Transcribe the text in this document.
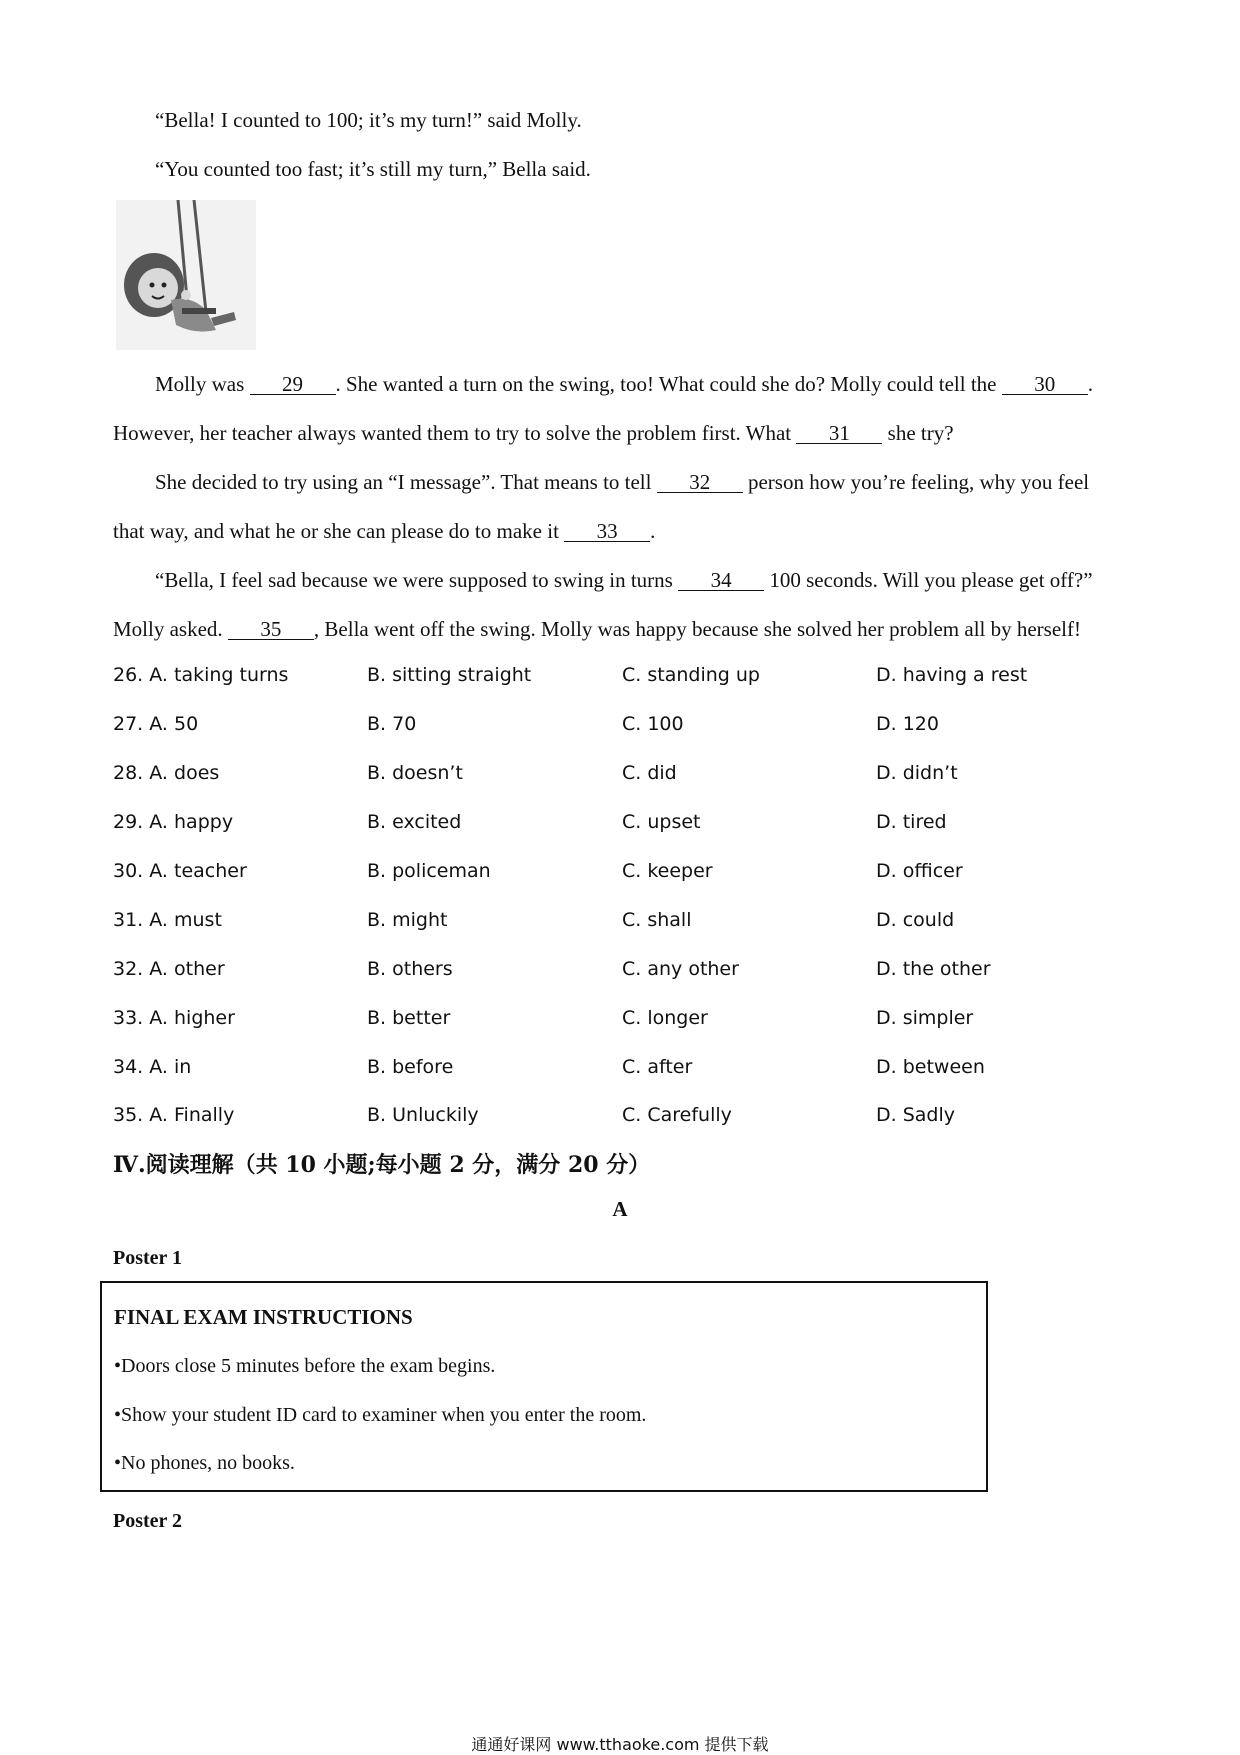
“Bella! I counted to 100; it’s my turn!” said Molly.
“You counted too fast; it’s still my turn,” Bella said.
Molly was 29 . She wanted a turn on the swing, too! What could she do? Molly could tell the 30 .
However, her teacher always wanted them to try to solve the problem first. What 31 she try?
She decided to try using an “I message”. That means to tell 32 person how you’re feeling, why you feel
that way, and what he or she can please do to make it 33 .
“Bella, I feel sad because we were supposed to swing in turns 34 100 seconds. Will you please get off?”
Molly asked. 35 , Bella went off the swing. Molly was happy because she solved her problem all by herself!
26. A. taking turns	B. sitting straight	C. standing up	D. having a rest
27. A. 50	B. 70	C. 100	D. 120
28. A. does	B. doesn’t	C. did	D. didn’t
29. A. happy	B. excited	C. upset	D. tired
30. A. teacher	B. policeman	C. keeper	D. officer
31. A. must	B. might	C. shall	D. could
32. A. other	B. others	C. any other	D. the other
33. A. higher	B. better	C. longer	D. simpler
34. A. in	B. before	C. after	D. between
35. A. Finally	B. Unluckily	C. Carefully	D. Sadly
Ⅳ.阅读理解（共 10 小题;每小题 2 分，满分 20 分）
A
Poster 1
FINAL EXAM INSTRUCTIONS
•Doors close 5 minutes before the exam begins.
•Show your student ID card to examiner when you enter the room.
•No phones, no books.
Poster 2
通通好课网 www.tthaoke.com 提供下载
